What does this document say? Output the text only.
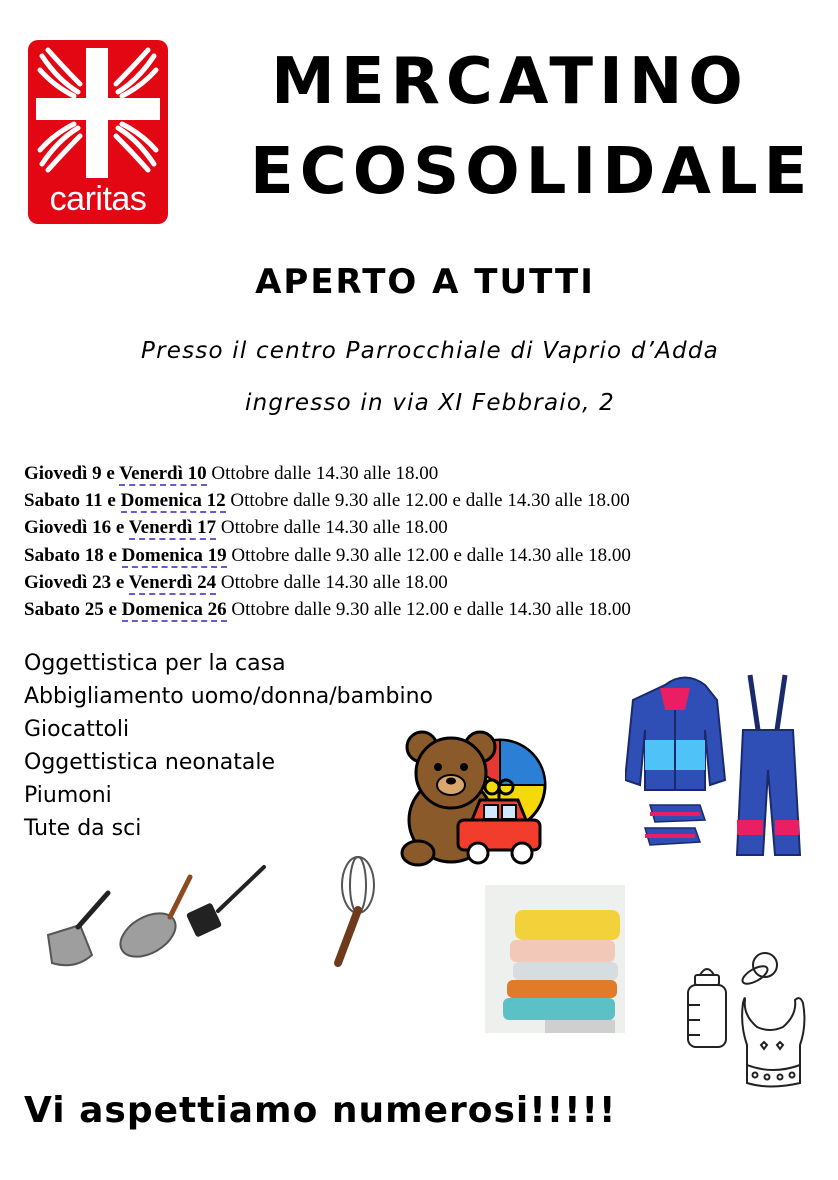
caritas
MERCATINO
ECOSOLIDALE
APERTO A TUTTI
Presso il centro Parrocchiale di Vaprio d’Adda
ingresso in via XI Febbraio, 2
Giovedì 9 e Venerdì 10 Ottobre dalle 14.30 alle 18.00
Sabato 11 e Domenica 12 Ottobre dalle 9.30 alle 12.00 e dalle 14.30 alle 18.00
Giovedì 16 e Venerdì 17 Ottobre dalle 14.30 alle 18.00
Sabato 18 e Domenica 19 Ottobre dalle 9.30 alle 12.00 e dalle 14.30 alle 18.00
Giovedì 23 e Venerdì 24 Ottobre dalle 14.30 alle 18.00
Sabato 25 e Domenica 26 Ottobre dalle 9.30 alle 12.00 e dalle 14.30 alle 18.00
Oggettistica per la casa
Abbigliamento uomo/donna/bambino
Giocattoli
Oggettistica neonatale
Piumoni
Tute da sci
Vi aspettiamo numerosi!!!!!
